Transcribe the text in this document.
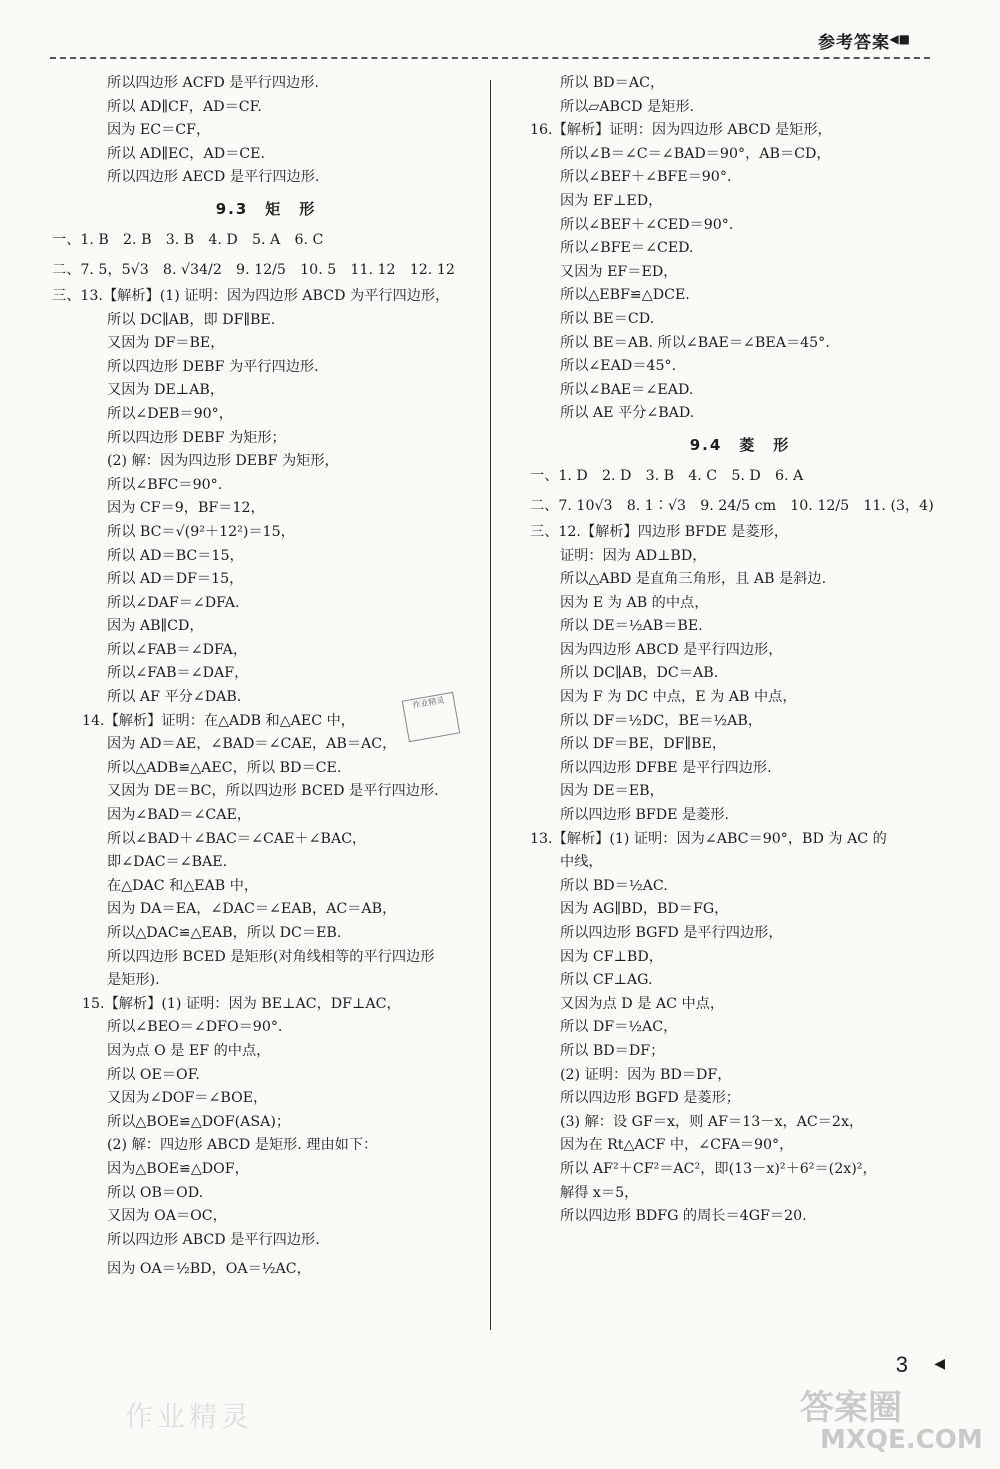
参考答案 ◀■
所以四边形 ACFD 是平行四边形.
所以 AD∥CF，AD＝CF.
因为 EC＝CF，
所以 AD∥EC，AD＝CE.
所以四边形 AECD 是平行四边形.
9.3　矩　形
一、1. B　2. B　3. B　4. D　5. A　6. C
二、7. 5，5√3　8. √34/2　9. 12/5　10. 5　11. 12　12. 12
三、13.【解析】(1) 证明：因为四边形 ABCD 为平行四边形，
所以 DC∥AB，即 DF∥BE.
又因为 DF＝BE，
所以四边形 DEBF 为平行四边形.
又因为 DE⊥AB，
所以∠DEB＝90°，
所以四边形 DEBF 为矩形；
(2) 解：因为四边形 DEBF 为矩形，
所以∠BFC＝90°.
因为 CF＝9，BF＝12，
所以 BC＝√(9²＋12²)＝15，
所以 AD＝BC＝15，
所以 AD＝DF＝15，
所以∠DAF＝∠DFA.
因为 AB∥CD，
所以∠FAB＝∠DFA，
所以∠FAB＝∠DAF，
所以 AF 平分∠DAB.
14.【解析】证明：在△ADB 和△AEC 中，
因为 AD＝AE，∠BAD＝∠CAE，AB＝AC，
所以△ADB≌△AEC，所以 BD＝CE.
又因为 DE＝BC，所以四边形 BCED 是平行四边形.
因为∠BAD＝∠CAE，
所以∠BAD＋∠BAC＝∠CAE＋∠BAC，
即∠DAC＝∠BAE.
在△DAC 和△EAB 中，
因为 DA＝EA，∠DAC＝∠EAB，AC＝AB，
所以△DAC≌△EAB，所以 DC＝EB.
所以四边形 BCED 是矩形(对角线相等的平行四边形
是矩形).
15.【解析】(1) 证明：因为 BE⊥AC，DF⊥AC，
所以∠BEO＝∠DFO＝90°.
因为点 O 是 EF 的中点，
所以 OE＝OF.
又因为∠DOF＝∠BOE，
所以△BOE≌△DOF(ASA)；
(2) 解：四边形 ABCD 是矩形. 理由如下：
因为△BOE≌△DOF，
所以 OB＝OD.
又因为 OA＝OC，
所以四边形 ABCD 是平行四边形.
因为 OA＝½BD，OA＝½AC，
所以 BD＝AC，
所以▱ABCD 是矩形.
16.【解析】证明：因为四边形 ABCD 是矩形，
所以∠B＝∠C＝∠BAD＝90°，AB＝CD，
所以∠BEF＋∠BFE＝90°.
因为 EF⊥ED，
所以∠BEF＋∠CED＝90°.
所以∠BFE＝∠CED.
又因为 EF＝ED，
所以△EBF≌△DCE.
所以 BE＝CD.
所以 BE＝AB. 所以∠BAE＝∠BEA＝45°.
所以∠EAD＝45°.
所以∠BAE＝∠EAD.
所以 AE 平分∠BAD.
9.4　菱　形
一、1. D　2. D　3. B　4. C　5. D　6. A
二、7. 10√3　8. 1∶√3　9. 24/5 cm　10. 12/5　11. (3，4)
三、12.【解析】四边形 BFDE 是菱形，
证明：因为 AD⊥BD，
所以△ABD 是直角三角形，且 AB 是斜边.
因为 E 为 AB 的中点，
所以 DE＝½AB＝BE.
因为四边形 ABCD 是平行四边形，
所以 DC∥AB，DC＝AB.
因为 F 为 DC 中点，E 为 AB 中点，
所以 DF＝½DC，BE＝½AB，
所以 DF＝BE，DF∥BE，
所以四边形 DFBE 是平行四边形.
因为 DE＝EB，
所以四边形 BFDE 是菱形.
13.【解析】(1) 证明：因为∠ABC＝90°，BD 为 AC 的
中线，
所以 BD＝½AC.
因为 AG∥BD，BD＝FG，
所以四边形 BGFD 是平行四边形，
因为 CF⊥BD，
所以 CF⊥AG.
又因为点 D 是 AC 中点，
所以 DF＝½AC，
所以 BD＝DF；
(2) 证明：因为 BD＝DF，
所以四边形 BGFD 是菱形；
(3) 解：设 GF＝x，则 AF＝13－x，AC＝2x，
因为在 Rt△ACF 中，∠CFA＝90°，
所以 AF²＋CF²＝AC²，即(13－x)²＋6²＝(2x)²，
解得 x＝5，
所以四边形 BDFG 的周长＝4GF＝20.
作业精灵
3 ◀
作业精灵	答案圈
MXQE.COM
